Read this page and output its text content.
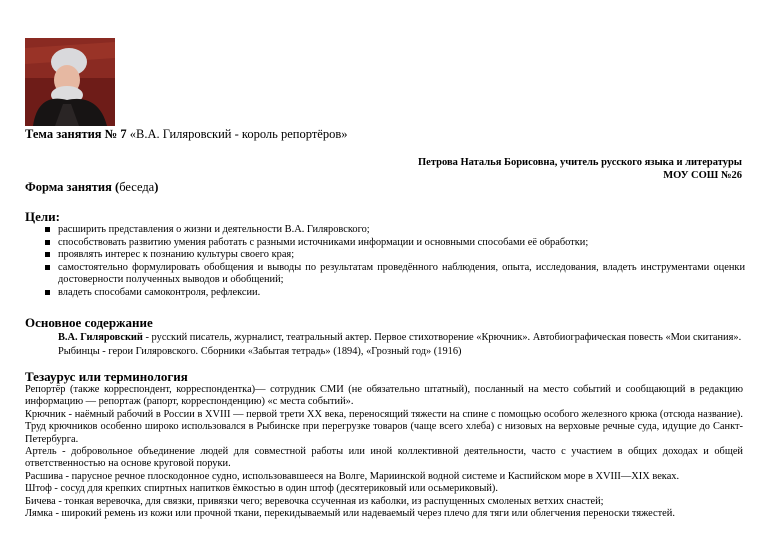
Тема занятия № 7 «В.А. Гиляровский - король репортёров»
Петрова Наталья Борисовна, учитель русского языка и литературы
МОУ СОШ №26
Форма занятия (беседа)
Цели:
расширить представления о жизни и деятельности В.А. Гиляровского;
способствовать развитию умения работать с разными источниками информации и основными способами её обработки;
проявлять интерес к познанию культуры своего края;
самостоятельно формулировать обобщения и выводы по результатам проведённого наблюдения, опыта, исследования, владеть инструментами оценки достоверности полученных выводов и обобщений;
владеть способами самоконтроля, рефлексии.
Основное содержание
В.А. Гиляровский - русский писатель, журналист, театральный актер. Первое стихотворение «Крючник». Автобиографическая повесть «Мои скитания». Рыбинцы - герои Гиляровского. Сборники «Забытая тетрадь» (1894), «Грозный год» (1916)
Тезаурус или терминология

Репортёр (также корреспондент, корреспондентка)— сотрудник СМИ (не обязательно штатный), посланный на место событий и сообщающий в редакцию информацию — репортаж (рапорт, корреспонденцию) «с места событий».

Крючник - наёмный рабочий в России в XVIII — первой трети XX века, переносящий тяжести на спине с помощью особого железного крюка (отсюда название). Труд крючников особенно широко использовался в Рыбинске при перегрузке товаров (чаще всего хлеба) с низовых на верховые речные суда, идущие до Санкт-Петербурга.

Артель - добровольное объединение людей для совместной работы или иной коллективной деятельности, часто с участием в общих доходах и общей ответственностью на основе круговой поруки.

Расшива - парусное речное плоскодонное судно, использовавшееся на Волге, Мариинской водной системе и Каспийском море в XVIII—XIX веках.

Штоф - сосуд для крепких спиртных напитков ёмкостью в один штоф (десятериковый или осьмериковый).

Бичева - тонкая веревочка, для связки, привязки чего; веревочка ссученная из каболки, из распущенных смоленых ветхих снастей;

Лямка - широкий ремень из кожи или прочной ткани, перекидываемый или надеваемый через плечо для тяги или облегчения переноски тяжестей.
